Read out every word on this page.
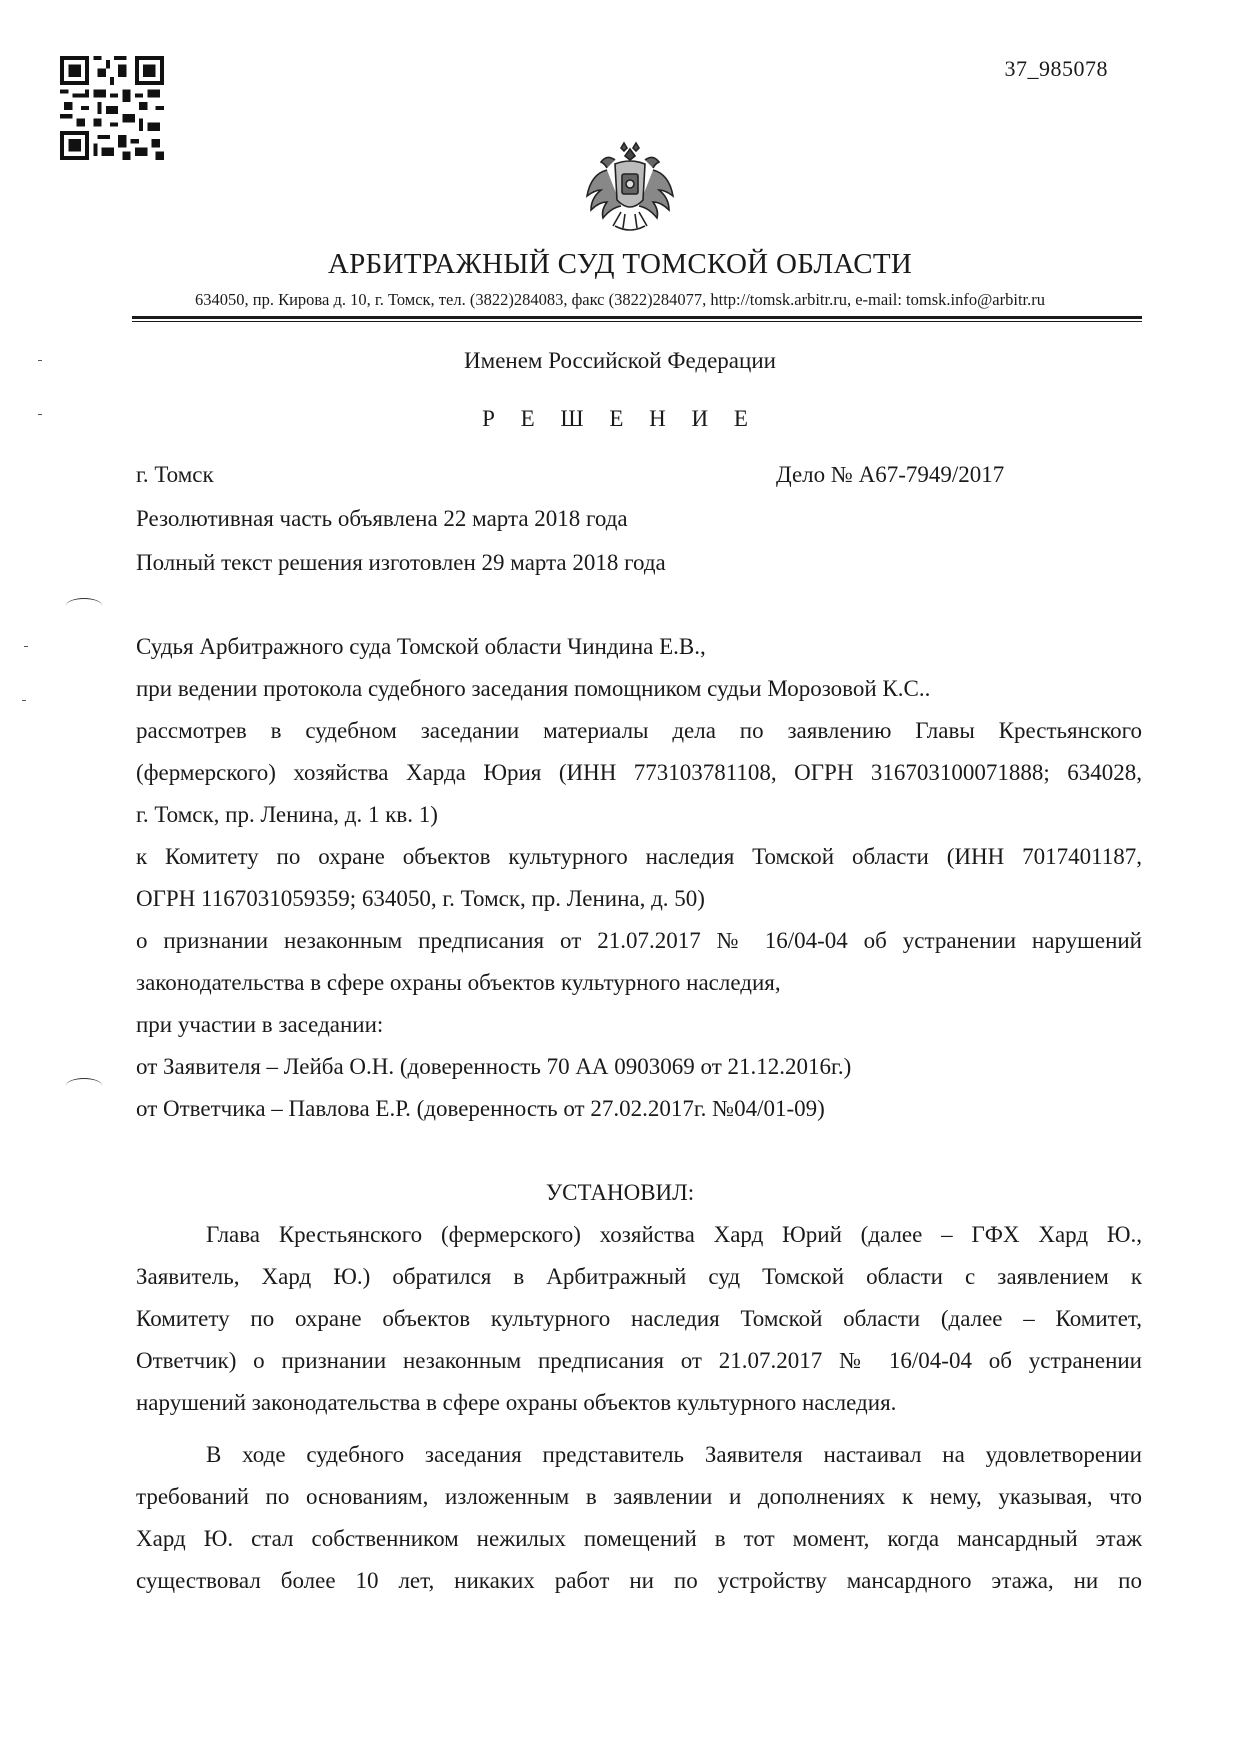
37_985078
АРБИТРАЖНЫЙ СУД ТОМСКОЙ ОБЛАСТИ
634050, пр. Кирова д. 10, г. Томск, тел. (3822)284083, факс (3822)284077, http://tomsk.arbitr.ru, e-mail: tomsk.info@arbitr.ru
Именем Российской Федерации
Р Е Ш Е Н И Е
г. Томск	Дело № А67-7949/2017
Резолютивная часть объявлена 22 марта 2018 года
Полный текст решения изготовлен 29 марта 2018 года
Судья Арбитражного суда Томской области Чиндина Е.В.,
при ведении протокола судебного заседания помощником судьи Морозовой К.С..
рассмотрев в судебном заседании материалы дела по заявлению Главы Крестьянского
(фермерского) хозяйства Харда Юрия (ИНН 773103781108, ОГРН 316703100071888; 634028,
г. Томск, пр. Ленина, д. 1 кв. 1)
к Комитету по охране объектов культурного наследия Томской области (ИНН 7017401187,
ОГРН 1167031059359; 634050, г. Томск, пр. Ленина, д. 50)
о признании незаконным предписания от 21.07.2017 № 16/04-04 об устранении нарушений
законодательства в сфере охраны объектов культурного наследия,
при участии в заседании:
от Заявителя – Лейба О.Н. (доверенность 70 АА 0903069 от 21.12.2016г.)
от Ответчика – Павлова Е.Р. (доверенность от 27.02.2017г. №04/01-09)
УСТАНОВИЛ:
Глава Крестьянского (фермерского) хозяйства Хард Юрий (далее – ГФХ Хард Ю.,
Заявитель, Хард Ю.) обратился в Арбитражный суд Томской области с заявлением к
Комитету по охране объектов культурного наследия Томской области (далее – Комитет,
Ответчик) о признании незаконным предписания от 21.07.2017 № 16/04-04 об устранении
нарушений законодательства в сфере охраны объектов культурного наследия.
В ходе судебного заседания представитель Заявителя настаивал на удовлетворении
требований по основаниям, изложенным в заявлении и дополнениях к нему, указывая, что
Хард Ю. стал собственником нежилых помещений в тот момент, когда мансардный этаж
существовал более 10 лет, никаких работ ни по устройству мансардного этажа, ни по
